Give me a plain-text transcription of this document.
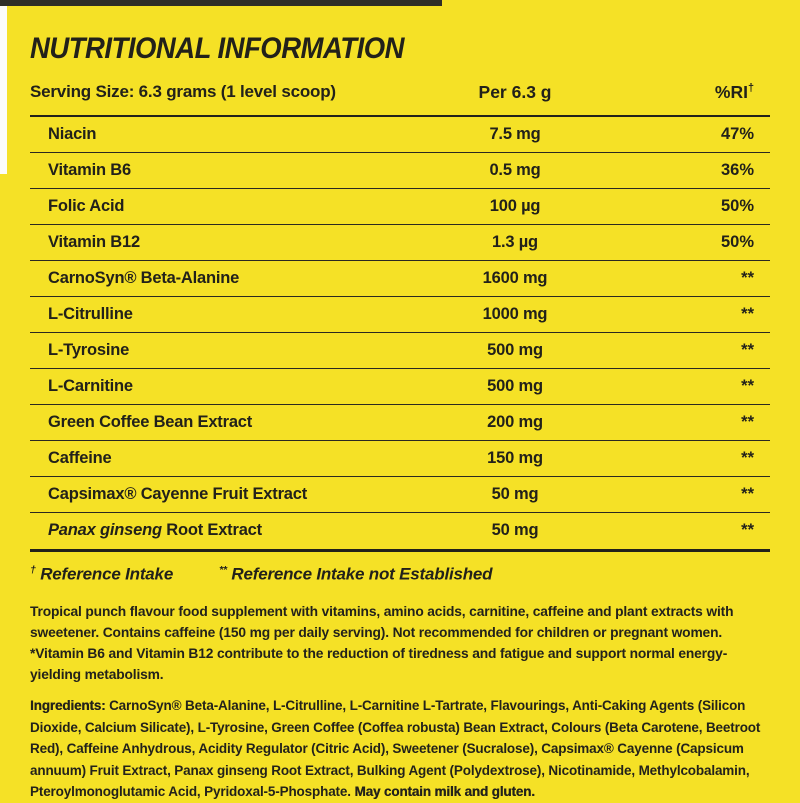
NUTRITIONAL INFORMATION
Serving Size: 6.3 grams (1 level scoop)	Per 6.3 g	%RI†
Niacin	7.5 mg	47%
Vitamin B6	0.5 mg	36%
Folic Acid	100 µg	50%
Vitamin B12	1.3 µg	50%
CarnoSyn® Beta-Alanine	1600 mg	**
L-Citrulline	1000 mg	**
L-Tyrosine	500 mg	**
L-Carnitine	500 mg	**
Green Coffee Bean Extract	200 mg	**
Caffeine	150 mg	**
Capsimax® Cayenne Fruit Extract	50 mg	**
Panax ginseng Root Extract	50 mg	**
† Reference Intake	** Reference Intake not Established

Tropical punch flavour food supplement with vitamins, amino acids, carnitine, caffeine and plant extracts with sweetener. Contains caffeine (150 mg per daily serving). Not recommended for children or pregnant women. *Vitamin B6 and Vitamin B12 contribute to the reduction of tiredness and fatigue and support normal energy-yielding metabolism.

Ingredients: CarnoSyn® Beta-Alanine, L-Citrulline, L-Carnitine L-Tartrate, Flavourings, Anti-Caking Agents (Silicon Dioxide, Calcium Silicate), L-Tyrosine, Green Coffee (Coffea robusta) Bean Extract, Colours (Beta Carotene, Beetroot Red), Caffeine Anhydrous, Acidity Regulator (Citric Acid), Sweetener (Sucralose), Capsimax® Cayenne (Capsicum annuum) Fruit Extract, Panax ginseng Root Extract, Bulking Agent (Polydextrose), Nicotinamide, Methylcobalamin, Pteroylmonoglutamic Acid, Pyridoxal-5-Phosphate. May contain milk and gluten.
